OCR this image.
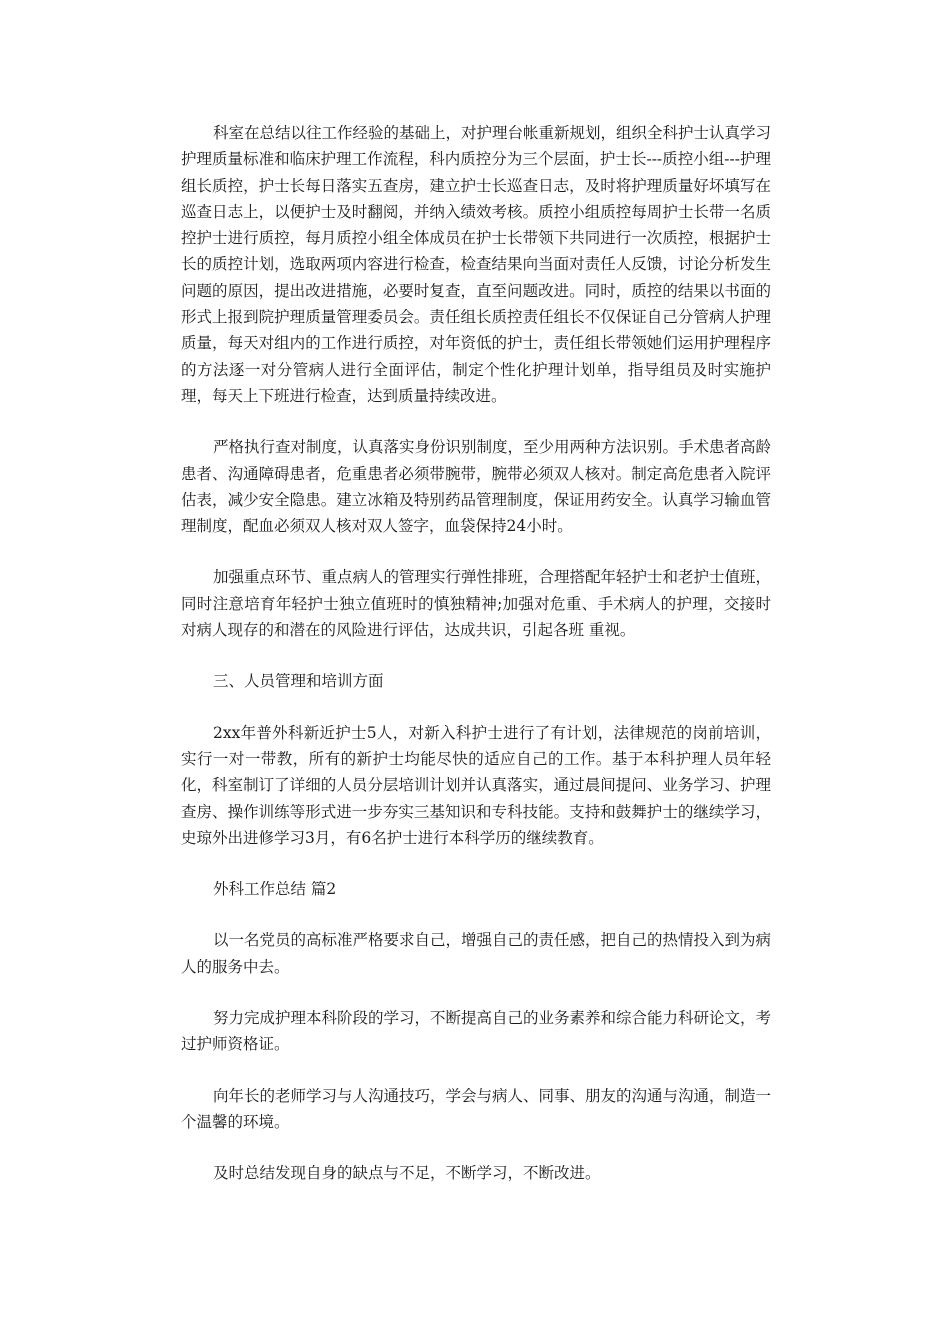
科室在总结以往工作经验的基础上，对护理台帐重新规划，组织全科护士认真学习护理质量标准和临床护理工作流程，科内质控分为三个层面，护士长---质控小组---护理组长质控，护士长每日落实五查房，建立护士长巡查日志，及时将护理质量好坏填写在巡查日志上，以便护士及时翻阅，并纳入绩效考核。质控小组质控每周护士长带一名质控护士进行质控，每月质控小组全体成员在护士长带领下共同进行一次质控，根据护士长的质控计划，选取两项内容进行检查，检查结果向当面对责任人反馈，讨论分析发生问题的原因，提出改进措施，必要时复查，直至问题改进。同时，质控的结果以书面的形式上报到院护理质量管理委员会。责任组长质控责任组长不仅保证自己分管病人护理质量，每天对组内的工作进行质控，对年资低的护士，责任组长带领她们运用护理程序的方法逐一对分管病人进行全面评估，制定个性化护理计划单，指导组员及时实施护理，每天上下班进行检查，达到质量持续改进。

严格执行查对制度，认真落实身份识别制度，至少用两种方法识别。手术患者高龄患者、沟通障碍患者，危重患者必须带腕带，腕带必须双人核对。制定高危患者入院评估表，减少安全隐患。建立冰箱及特别药品管理制度，保证用药安全。认真学习输血管理制度，配血必须双人核对双人签字，血袋保持24小时。

加强重点环节、重点病人的管理实行弹性排班，合理搭配年轻护士和老护士值班，同时注意培育年轻护士独立值班时的慎独精神;加强对危重、手术病人的护理，交接时对病人现存的和潜在的风险进行评估，达成共识，引起各班 重视。

三、人员管理和培训方面

2xx年普外科新近护士5人，对新入科护士进行了有计划，法律规范的岗前培训，实行一对一带教，所有的新护士均能尽快的适应自己的工作。基于本科护理人员年轻化，科室制订了详细的人员分层培训计划并认真落实，通过晨间提问、业务学习、护理查房、操作训练等形式进一步夯实三基知识和专科技能。支持和鼓舞护士的继续学习，史琼外出进修学习3月，有6名护士进行本科学历的继续教育。

外科工作总结 篇2

以一名党员的高标准严格要求自己，增强自己的责任感，把自己的热情投入到为病人的服务中去。

努力完成护理本科阶段的学习，不断提高自己的业务素养和综合能力科研论文，考过护师资格证。

向年长的老师学习与人沟通技巧，学会与病人、同事、朋友的沟通与沟通，制造一个温馨的环境。

及时总结发现自身的缺点与不足，不断学习，不断改进。
